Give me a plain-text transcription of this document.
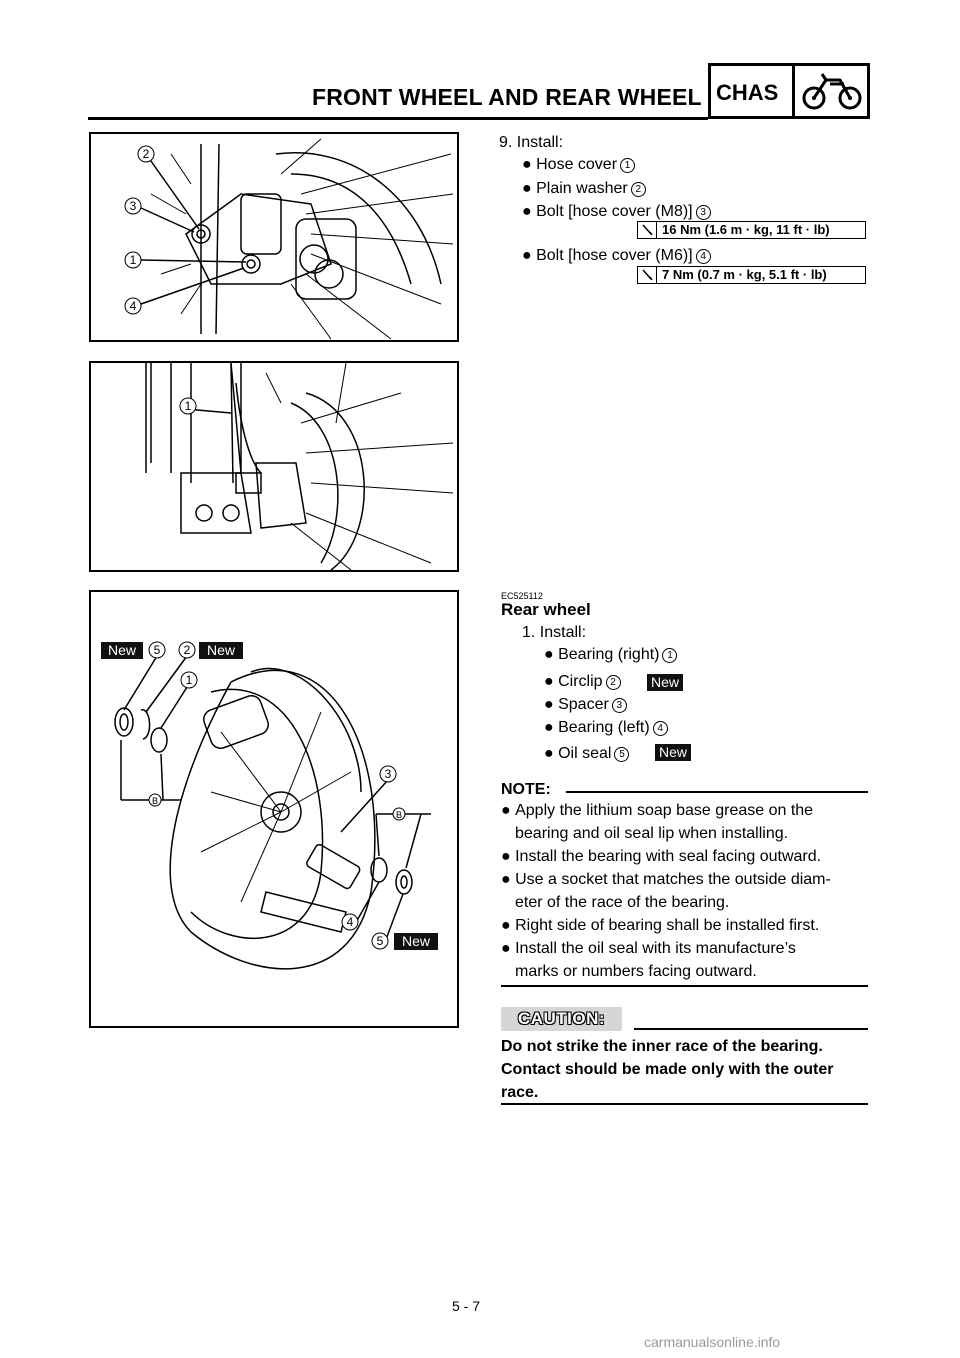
FRONT WHEEL AND REAR WHEEL CHAS
2
3
1
4
9. Install:
● Hose cover 1
● Plain washer 2
● Bolt [hose cover (M8)] 3
16 Nm (1.6 m · kg, 11 ft · lb)
● Bolt [hose cover (M6)] 4
7 Nm (0.7 m · kg, 5.1 ft · lb)
1
New 5 2 New
1
3
4
5 New
B
B
EC525112
Rear wheel
1. Install:
● Bearing (right) 1
● Circlip 2	New
● Spacer 3
● Bearing (left) 4
● Oil seal 5	New
NOTE:
● Apply the lithium soap base grease on the
bearing and oil seal lip when installing.
● Install the bearing with seal facing outward.
● Use a socket that matches the outside diam-
eter of the race of the bearing.
● Right side of bearing shall be installed first.
● Install the oil seal with its manufacture’s
marks or numbers facing outward.
CAUTION:
Do not strike the inner race of the bearing.
Contact should be made only with the outer
race.
5 - 7
carmanualsonline.info
